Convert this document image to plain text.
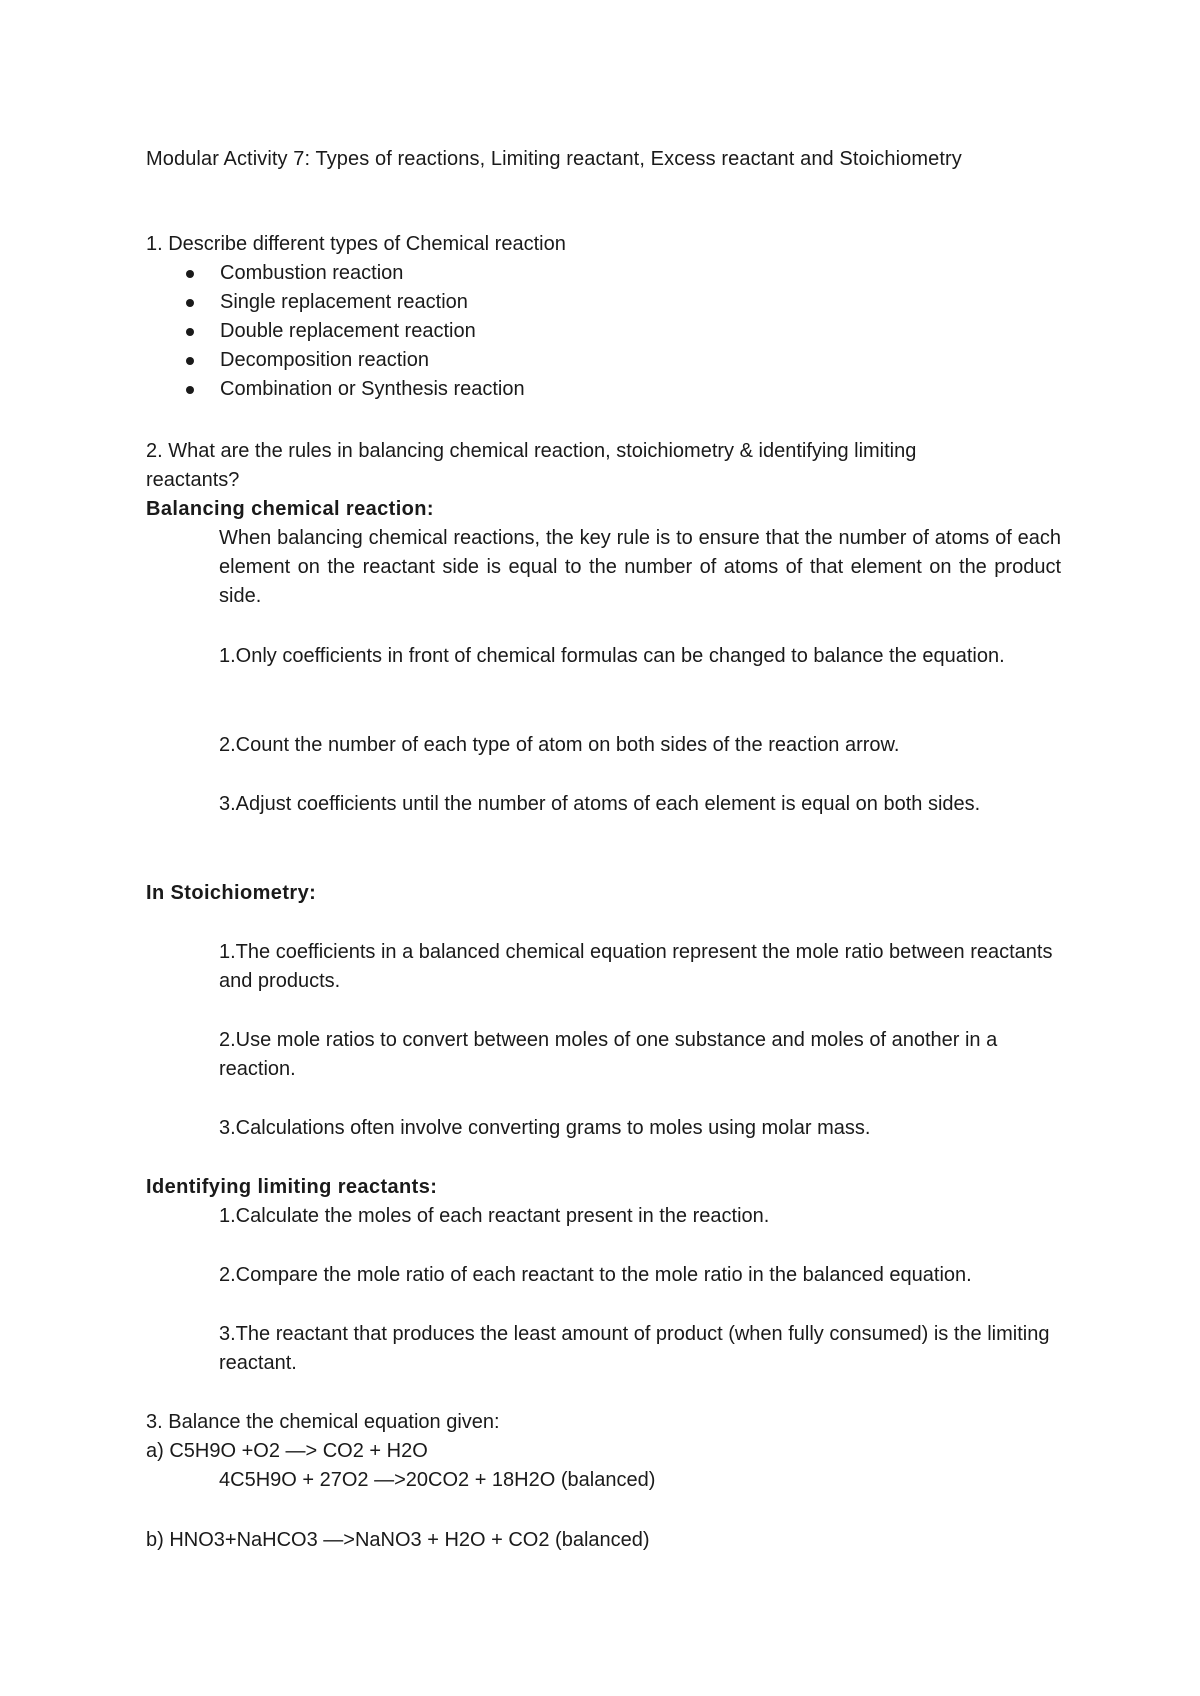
Modular Activity 7: Types of reactions, Limiting reactant, Excess reactant and Stoichiometry
1. Describe different types of Chemical reaction
Combustion reaction
Single replacement reaction
Double replacement reaction
Decomposition reaction
Combination or Synthesis reaction
2. What are the rules in balancing chemical reaction, stoichiometry & identifying limiting
reactants?
Balancing chemical reaction:

When balancing chemical reactions, the key rule is to ensure that the number of atoms of each element on the reactant side is equal to the number of atoms of that element on the product side.

1.Only coefficients in front of chemical formulas can be changed to balance the equation.

2.Count the number of each type of atom on both sides of the reaction arrow.

3.Adjust coefficients until the number of atoms of each element is equal on both sides.

In Stoichiometry:

1.The coefficients in a balanced chemical equation represent the mole ratio between reactants and products.

2.Use mole ratios to convert between moles of one substance and moles of another in a reaction.

3.Calculations often involve converting grams to moles using molar mass.

Identifying limiting reactants:

1.Calculate the moles of each reactant present in the reaction.

2.Compare the mole ratio of each reactant to the mole ratio in the balanced equation.

3.The reactant that produces the least amount of product (when fully consumed) is the limiting reactant.

3. Balance the chemical equation given:
a) C5H9O +O2 —> CO2 + H2O
4C5H9O + 27O2 —>20CO2 + 18H2O (balanced)
b) HNO3+NaHCO3 —>NaNO3 + H2O + CO2 (balanced)
